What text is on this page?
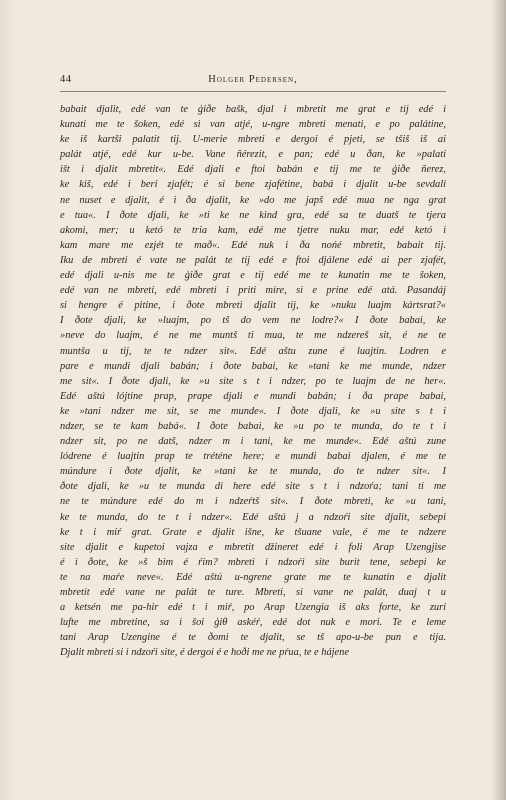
44	Holger Pedersen,
babait djalit, edé van te ģiðe bašk, djal i mbretit me grat e tij edé i
kunati me te šoken, edé si van atjé, u-ngre mbreti menati, e po palátine,
ke iš kartši palatit tij. U-merie mbreti e dergoi é pjeti, se tšiš iš ai
palát atjé, edé kur u-be. Vane ñérezit, e pan; edé u ðan, ke »palati
išt i djalit mbretit«. Edé djali e ftoi babán e tij me te ģiðe ñerez,
ke kiš, edé i beri zjafét; é si bene zjafétine, babá i djalit u-be sevdali
ne nuset e djalit, é i ða djalit, ke »do me japš edé mua ne nga grat
e tua«. I ðote djali, ke »ti ke ne kind gra, edé sa te duatš te tjera
akomi, mer; u ketó te tria kam, edé me tjetre nuku mar, edé ketó i
kam mare me ezjét te mað«. Edé nuk i ða nońé mbretit, babait tij.
Iku de mbreti é vate ne palát te tij edé e ftoi djálene edé ai per zjafét,
edé djali u-nis me te ģiðe grat e tij edé me te kunatin me te šoken,
edé van ne mbreti, edé mbreti i priti mire, si e prine edé atá. Pasandáj
si hengre é pitine, i ðote mbreti djalit tij, ke »nuku luajm kártsrat?«
I ðote djali, ke »luajm, po tš do vem ne lodre?« I ðote babai, ke
»neve do luajm, é ne me muntš ti mua, te me ndzereš sit, é ne te
muntša u tij, te te ndzer sit«. Edé aštu zune é luajtin. Lodren e
pare e mundi djali babán; i ðote babai, ke »tani ke me munde, ndzer
me sit«. I ðote djali, ke »u site s t i ndzer, po te luajm de ne her«.
Edé aštú lójtine prap, prape djali e mundi babán; i ða prape babai,
ke »tani ndzer me sit, se me munde«. I ðote djali, ke »u site s t i
ndzer, se te kam babá«. I ðote babai, ke »u po te munda, do te t i
ndzer sit, po ne datš, ndzer m i tani, ke me munde«. Edé aštú zune
lódrene é luajtin prap te tréténe here; e mundi babai djalen, é me te
múndure i ðote djalit, ke »tani ke te munda, do te ndzer sit«. I
ðote djali, ke »u te munda di here edé site s t i ndzoŕa; tani ti me
ne te múndure edé do m i ndzeŕtš sit«. I ðote mbreti, ke »u tani,
ke te munda, do te t i ndzer«. Edé aštú j a ndzoŕi site djalit, sebepi
ke t i miŕ grat. Grate e djalit išne, ke tšuane vale, é me te ndzere
site djalit e kupetoi vajza e mbretit džineret edé i foli Arap Uzengjise
é i ðote, ke »š bim é ŕim? mbreti i ndzoŕi site burit tene, sebepi ke
te na maŕe neve«. Edé aštú u-ngrene grate me te kunatin e djalit
mbretit edé vane ne palát te ture. Mbreti, si vane ne palát, duaj t u
a ketsén me pa-hir edé t i miŕ, po Arap Uzengia iš aks forte, ke zuri
lufte me mbretine, sa i šoi ģiθ askéŕ, edé dot nuk e mori. Te e leme
tani Arap Uzengine é te ðomi te djalit, se tš apo-u-be pun e tija.
Djalit mbreti si i ndzoŕi site, é dergoi é e hoði me ne pŕua, te e hájene
